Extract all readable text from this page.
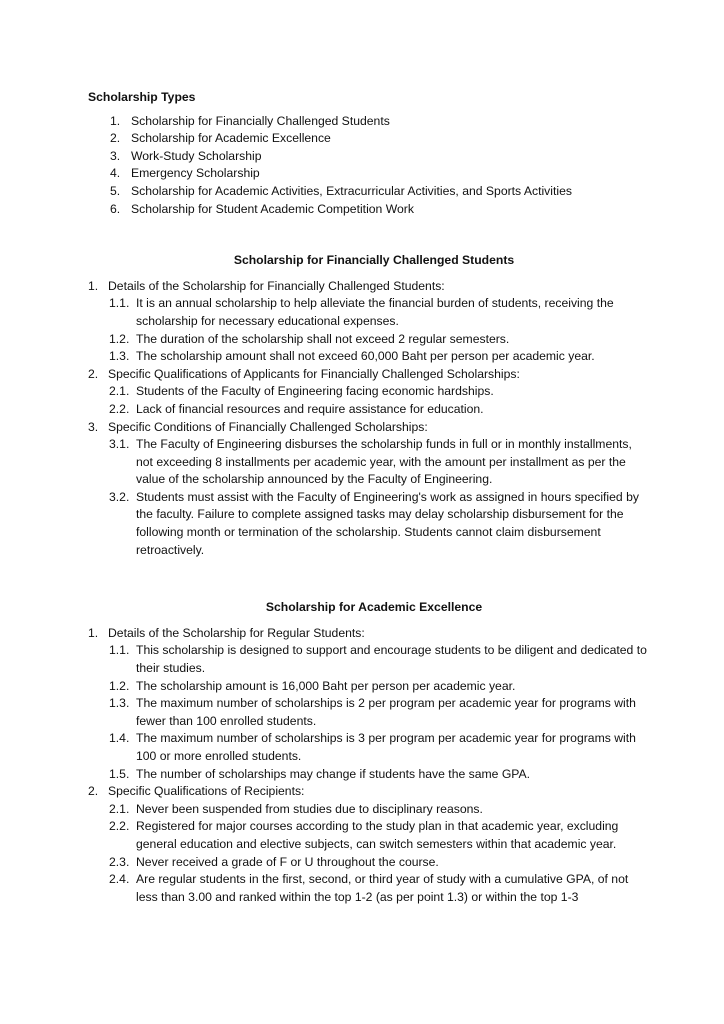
Scholarship Types
1. Scholarship for Financially Challenged Students
2. Scholarship for Academic Excellence
3. Work-Study Scholarship
4. Emergency Scholarship
5. Scholarship for Academic Activities, Extracurricular Activities, and Sports Activities
6. Scholarship for Student Academic Competition Work
Scholarship for Financially Challenged Students
1. Details of the Scholarship for Financially Challenged Students:
1.1. It is an annual scholarship to help alleviate the financial burden of students, receiving the scholarship for necessary educational expenses.
1.2. The duration of the scholarship shall not exceed 2 regular semesters.
1.3. The scholarship amount shall not exceed 60,000 Baht per person per academic year.
2. Specific Qualifications of Applicants for Financially Challenged Scholarships:
2.1. Students of the Faculty of Engineering facing economic hardships.
2.2. Lack of financial resources and require assistance for education.
3. Specific Conditions of Financially Challenged Scholarships:
3.1. The Faculty of Engineering disburses the scholarship funds in full or in monthly installments, not exceeding 8 installments per academic year, with the amount per installment as per the value of the scholarship announced by the Faculty of Engineering.
3.2. Students must assist with the Faculty of Engineering's work as assigned in hours specified by the faculty. Failure to complete assigned tasks may delay scholarship disbursement for the following month or termination of the scholarship. Students cannot claim disbursement retroactively.
Scholarship for Academic Excellence
1. Details of the Scholarship for Regular Students:
1.1. This scholarship is designed to support and encourage students to be diligent and dedicated to their studies.
1.2. The scholarship amount is 16,000 Baht per person per academic year.
1.3. The maximum number of scholarships is 2 per program per academic year for programs with fewer than 100 enrolled students.
1.4. The maximum number of scholarships is 3 per program per academic year for programs with 100 or more enrolled students.
1.5. The number of scholarships may change if students have the same GPA.
2. Specific Qualifications of Recipients:
2.1. Never been suspended from studies due to disciplinary reasons.
2.2. Registered for major courses according to the study plan in that academic year, excluding general education and elective subjects, can switch semesters within that academic year.
2.3. Never received a grade of F or U throughout the course.
2.4. Are regular students in the first, second, or third year of study with a cumulative GPA, of not less than 3.00 and ranked within the top 1-2 (as per point 1.3) or within the top 1-3
